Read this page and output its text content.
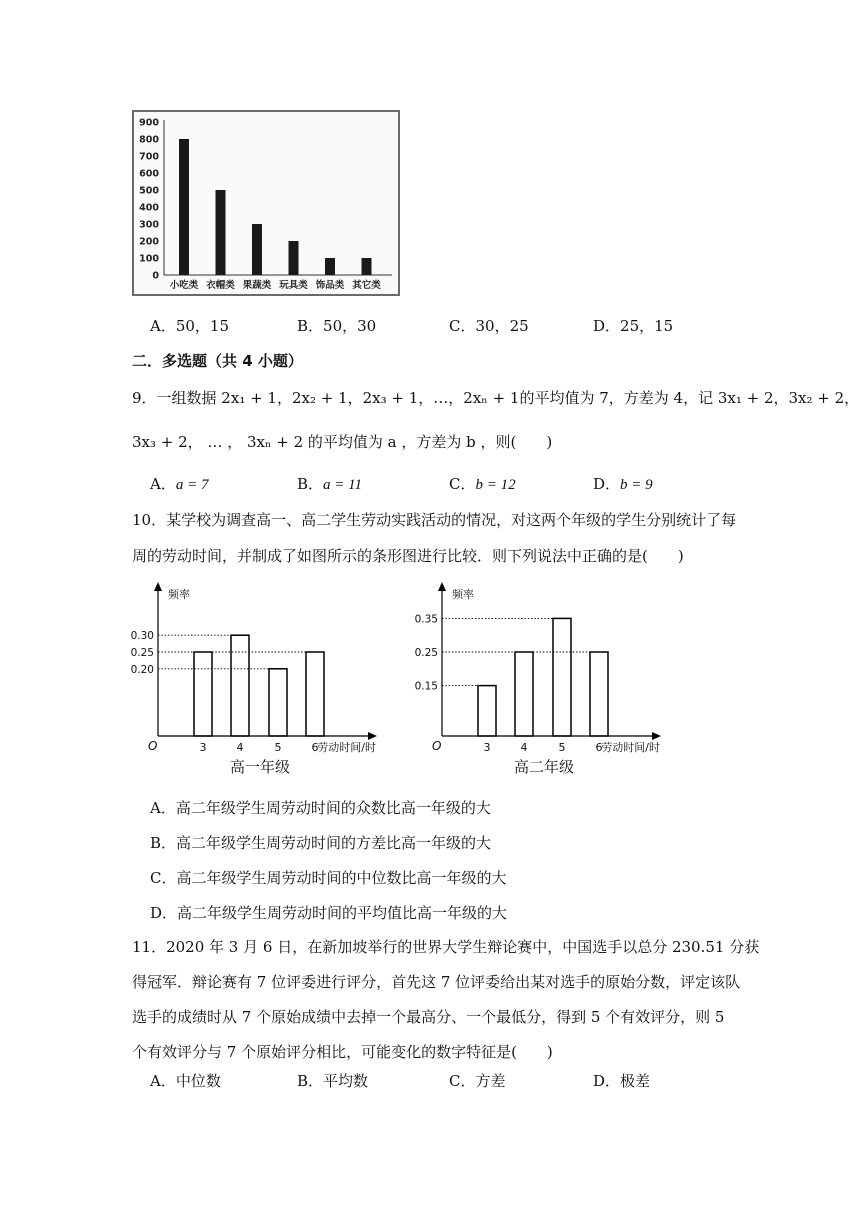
0
100
200
300
400
500
600
700
800
900
小吃类 衣帽类 果蔬类 玩具类 饰品类 其它类
A．50，15	B．50，30	C．30，25	D．25，15
二．多选题（共 4 小题）
9．一组数据 2x₁ + 1，2x₂ + 1，2x₃ + 1，…，2xₙ + 1的平均值为 7，方差为 4，记 3x₁ + 2，3x₂ + 2，
3x₃ + 2， … ， 3xₙ + 2 的平均值为 a ，方差为 b ，则(　　)
A．a = 7	B．a = 11	C．b = 12	D．b = 9
10．某学校为调查高一、高二学生劳动实践活动的情况，对这两个年级的学生分别统计了每
周的劳动时间，并制成了如图所示的条形图进行比较．则下列说法中正确的是(　　)
频率
O
0.30
0.25
0.20
3	4	5	6
劳动时间/时
高一年级
频率
O
0.35
0.25
0.15
3	4	5	6
劳动时间/时
高二年级
A．高二年级学生周劳动时间的众数比高一年级的大
B．高二年级学生周劳动时间的方差比高一年级的大
C．高二年级学生周劳动时间的中位数比高一年级的大
D．高二年级学生周劳动时间的平均值比高一年级的大
11．2020 年 3 月 6 日，在新加坡举行的世界大学生辩论赛中，中国选手以总分 230.51 分获
得冠军．辩论赛有 7 位评委进行评分，首先这 7 位评委给出某对选手的原始分数，评定该队
选手的成绩时从 7 个原始成绩中去掉一个最高分、一个最低分，得到 5 个有效评分，则 5
个有效评分与 7 个原始评分相比，可能变化的数字特征是(　　)
A．中位数	B．平均数	C．方差	D．极差
